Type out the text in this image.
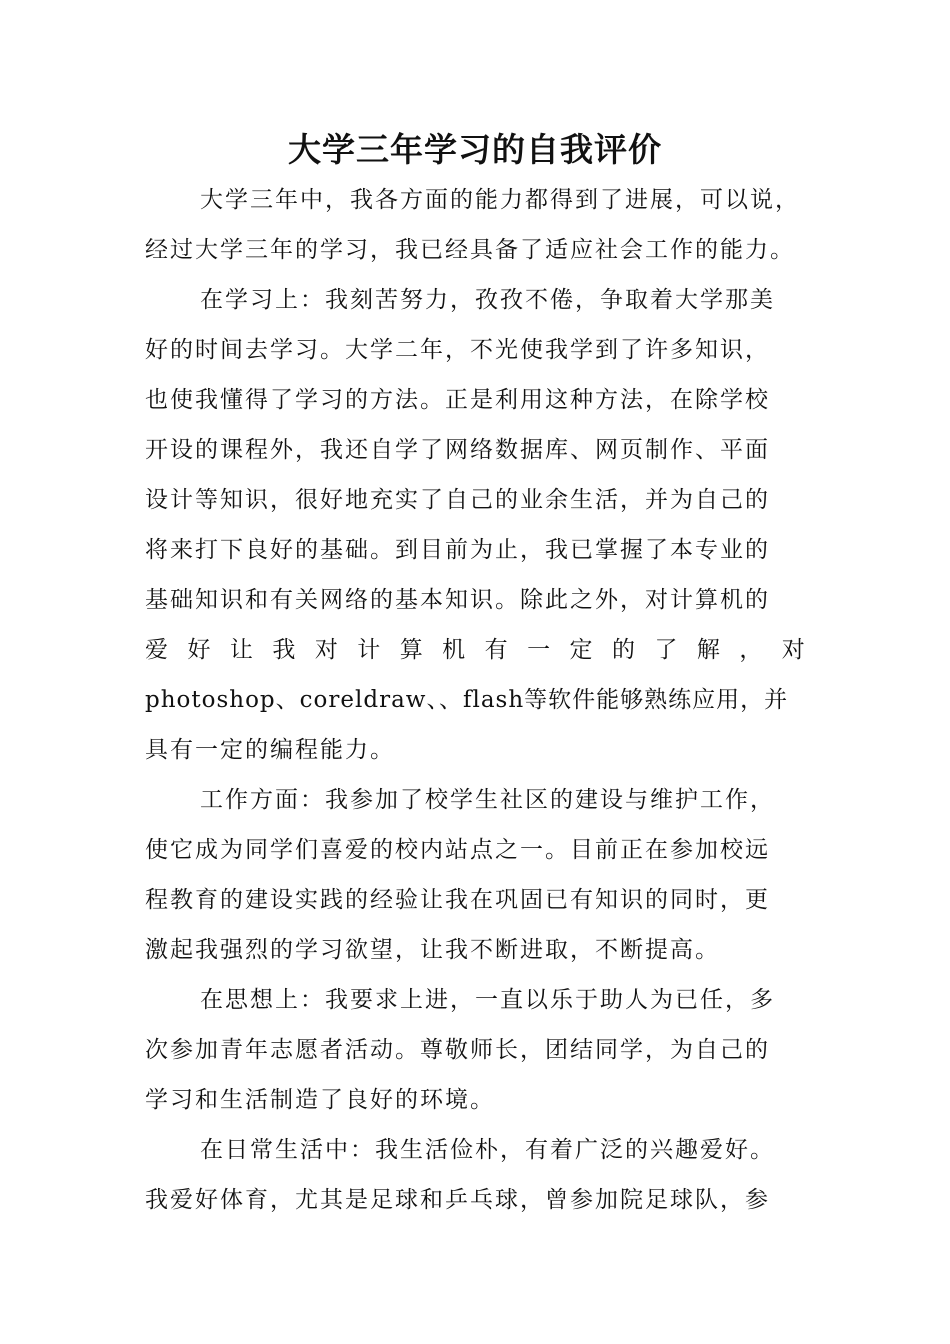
大学三年学习的自我评价
大学三年中，我各方面的能力都得到了进展，可以说，
经过大学三年的学习，我已经具备了适应社会工作的能力。
在学习上：我刻苦努力，孜孜不倦，争取着大学那美
好的时间去学习。大学二年，不光使我学到了许多知识，
也使我懂得了学习的方法。正是利用这种方法，在除学校
开设的课程外，我还自学了网络数据库、网页制作、平面
设计等知识，很好地充实了自己的业余生活，并为自己的
将来打下良好的基础。到目前为止，我已掌握了本专业的
基础知识和有关网络的基本知识。除此之外，对计算机的
爱 好 让 我 对 计 算 机 有 一 定 的 了 解 ， 对
photoshop、coreldraw、、flash等软件能够熟练应用，并
具有一定的编程能力。
工作方面：我参加了校学生社区的建设与维护工作，
使它成为同学们喜爱的校内站点之一。目前正在参加校远
程教育的建设实践的经验让我在巩固已有知识的同时，更
激起我强烈的学习欲望，让我不断进取，不断提高。
在思想上：我要求上进，一直以乐于助人为已任，多
次参加青年志愿者活动。尊敬师长，团结同学，为自己的
学习和生活制造了良好的环境。
在日常生活中：我生活俭朴，有着广泛的兴趣爱好。
我爱好体育，尤其是足球和乒乓球，曾参加院足球队，参
